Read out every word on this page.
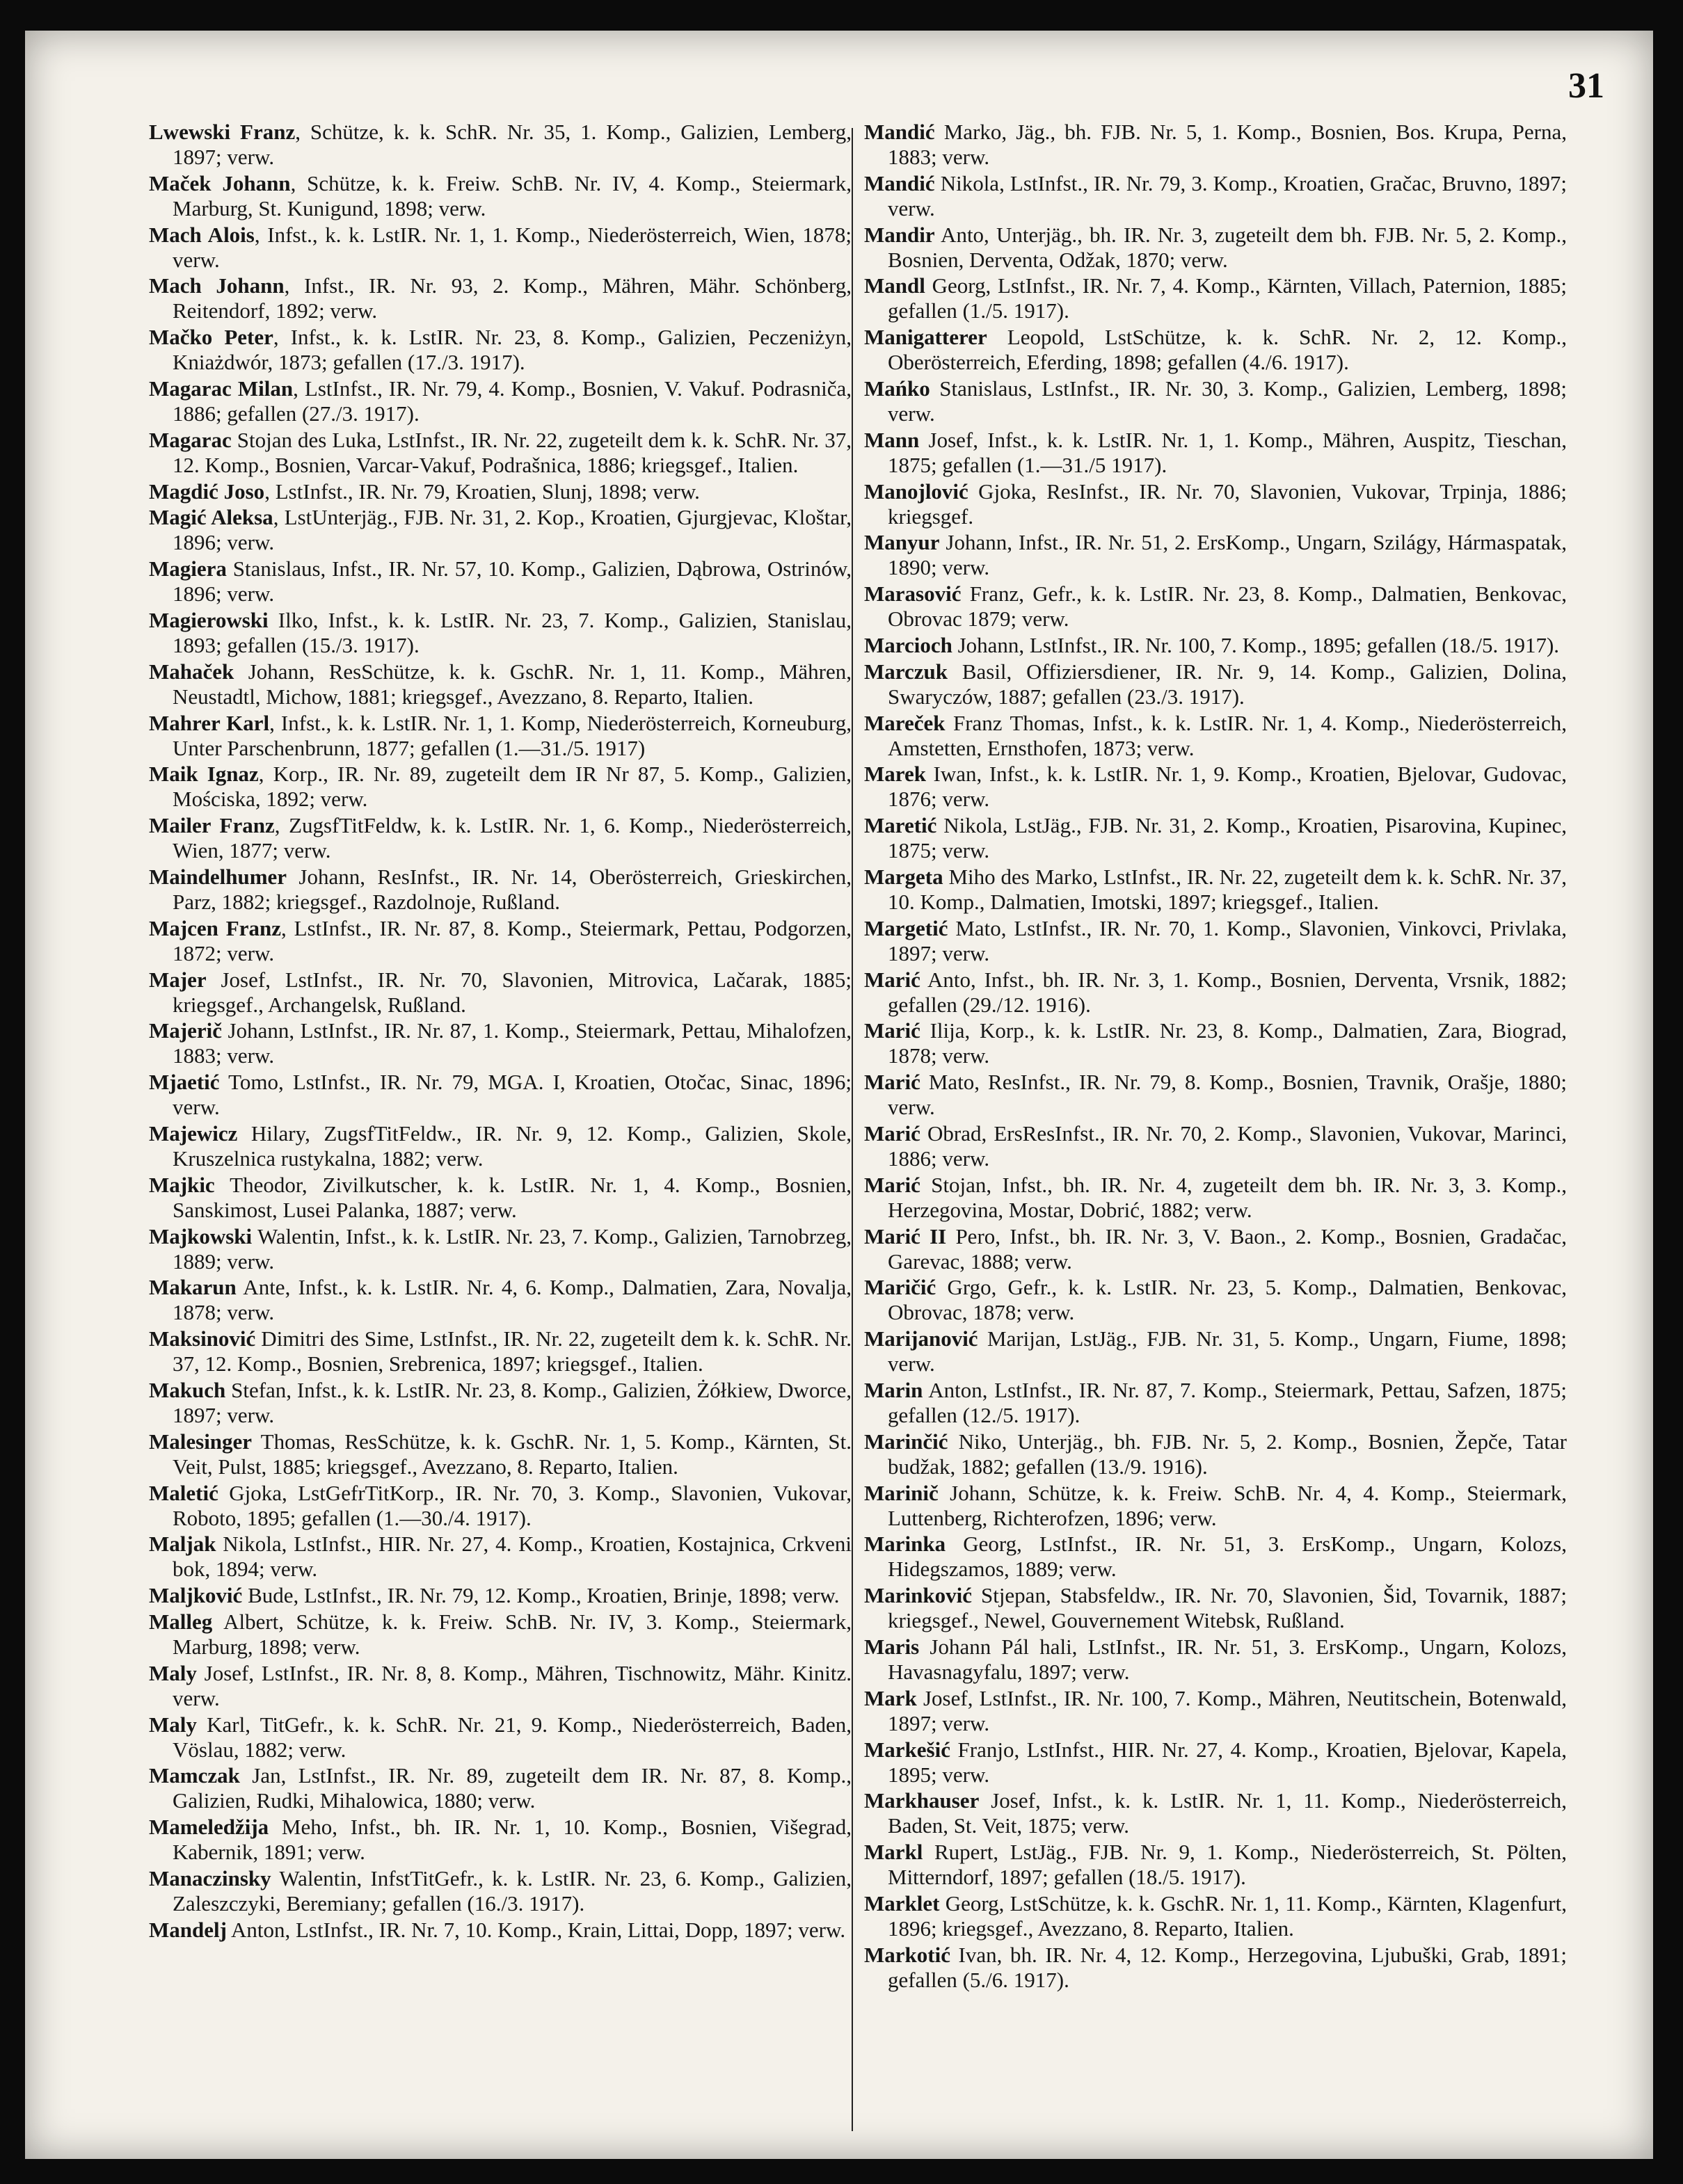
31

Lwewski Franz, Schütze, k. k. SchR. Nr. 35, 1. Komp., Galizien, Lemberg, 1897; verw.

Maček Johann, Schütze, k. k. Freiw. SchB. Nr. IV, 4. Komp., Steiermark, Marburg, St. Kunigund, 1898; verw.

Mach Alois, Infst., k. k. LstIR. Nr. 1, 1. Komp., Niederösterreich, Wien, 1878; verw.

Mach Johann, Infst., IR. Nr. 93, 2. Komp., Mähren, Mähr. Schönberg, Reitendorf, 1892; verw.

Mačko Peter, Infst., k. k. LstIR. Nr. 23, 8. Komp., Galizien, Peczeniżyn, Kniażdwór, 1873; gefallen (17./3. 1917).

Magarac Milan, LstInfst., IR. Nr. 79, 4. Komp., Bosnien, V. Vakuf. Podrasniča, 1886; gefallen (27./3. 1917).

Magarac Stojan des Luka, LstInfst., IR. Nr. 22, zugeteilt dem k. k. SchR. Nr. 37, 12. Komp., Bosnien, Varcar-Vakuf, Podrašnica, 1886; kriegsgef., Italien.

Magdić Joso, LstInfst., IR. Nr. 79, Kroatien, Slunj, 1898; verw.

Magić Aleksa, LstUnterjäg., FJB. Nr. 31, 2. Kop., Kroatien, Gjurgjevac, Kloštar, 1896; verw.

Magiera Stanislaus, Infst., IR. Nr. 57, 10. Komp., Galizien, Dąbrowa, Ostrinów, 1896; verw.

Magierowski Ilko, Infst., k. k. LstIR. Nr. 23, 7. Komp., Galizien, Stanislau, 1893; gefallen (15./3. 1917).

Mahaček Johann, ResSchütze, k. k. GschR. Nr. 1, 11. Komp., Mähren, Neustadtl, Michow, 1881; kriegsgef., Avezzano, 8. Reparto, Italien.

Mahrer Karl, Infst., k. k. LstIR. Nr. 1, 1. Komp, Niederösterreich, Korneuburg, Unter Parschenbrunn, 1877; gefallen (1.—31./5. 1917)

Maik Ignaz, Korp., IR. Nr. 89, zugeteilt dem IR Nr 87, 5. Komp., Galizien, Mościska, 1892; verw.

Mailer Franz, ZugsfTitFeldw, k. k. LstIR. Nr. 1, 6. Komp., Niederösterreich, Wien, 1877; verw.

Maindelhumer Johann, ResInfst., IR. Nr. 14, Oberösterreich, Grieskirchen, Parz, 1882; kriegsgef., Razdolnoje, Rußland.

Majcen Franz, LstInfst., IR. Nr. 87, 8. Komp., Steiermark, Pettau, Podgorzen, 1872; verw.

Majer Josef, LstInfst., IR. Nr. 70, Slavonien, Mitrovica, Lačarak, 1885; kriegsgef., Archangelsk, Rußland.

Majerič Johann, LstInfst., IR. Nr. 87, 1. Komp., Steiermark, Pettau, Mihalofzen, 1883; verw.

Mjaetić Tomo, LstInfst., IR. Nr. 79, MGA. I, Kroatien, Otočac, Sinac, 1896; verw.

Majewicz Hilary, ZugsfTitFeldw., IR. Nr. 9, 12. Komp., Galizien, Skole, Kruszelnica rustykalna, 1882; verw.

Majkic Theodor, Zivilkutscher, k. k. LstIR. Nr. 1, 4. Komp., Bosnien, Sanskimost, Lusei Palanka, 1887; verw.

Majkowski Walentin, Infst., k. k. LstIR. Nr. 23, 7. Komp., Galizien, Tarnobrzeg, 1889; verw.

Makarun Ante, Infst., k. k. LstIR. Nr. 4, 6. Komp., Dalmatien, Zara, Novalja, 1878; verw.

Maksinović Dimitri des Sime, LstInfst., IR. Nr. 22, zugeteilt dem k. k. SchR. Nr. 37, 12. Komp., Bosnien, Srebrenica, 1897; kriegsgef., Italien.

Makuch Stefan, Infst., k. k. LstIR. Nr. 23, 8. Komp., Galizien, Żółkiew, Dworce, 1897; verw.

Malesinger Thomas, ResSchütze, k. k. GschR. Nr. 1, 5. Komp., Kärnten, St. Veit, Pulst, 1885; kriegsgef., Avezzano, 8. Reparto, Italien.

Maletić Gjoka, LstGefrTitKorp., IR. Nr. 70, 3. Komp., Slavonien, Vukovar, Roboto, 1895; gefallen (1.—30./4. 1917).

Maljak Nikola, LstInfst., HIR. Nr. 27, 4. Komp., Kroatien, Kostajnica, Crkveni bok, 1894; verw.

Maljković Bude, LstInfst., IR. Nr. 79, 12. Komp., Kroatien, Brinje, 1898; verw.

Malleg Albert, Schütze, k. k. Freiw. SchB. Nr. IV, 3. Komp., Steiermark, Marburg, 1898; verw.

Maly Josef, LstInfst., IR. Nr. 8, 8. Komp., Mähren, Tischnowitz, Mähr. Kinitz. verw.

Maly Karl, TitGefr., k. k. SchR. Nr. 21, 9. Komp., Niederösterreich, Baden, Vöslau, 1882; verw.

Mamczak Jan, LstInfst., IR. Nr. 89, zugeteilt dem IR. Nr. 87, 8. Komp., Galizien, Rudki, Mihalowica, 1880; verw.

Mameledžija Meho, Infst., bh. IR. Nr. 1, 10. Komp., Bosnien, Višegrad, Kabernik, 1891; verw.

Manaczinsky Walentin, InfstTitGefr., k. k. LstIR. Nr. 23, 6. Komp., Galizien, Zaleszczyki, Beremiany; gefallen (16./3. 1917).

Mandelj Anton, LstInfst., IR. Nr. 7, 10. Komp., Krain, Littai, Dopp, 1897; verw.

Mandić Marko, Jäg., bh. FJB. Nr. 5, 1. Komp., Bosnien, Bos. Krupa, Perna, 1883; verw.

Mandić Nikola, LstInfst., IR. Nr. 79, 3. Komp., Kroatien, Gračac, Bruvno, 1897; verw.

Mandir Anto, Unterjäg., bh. IR. Nr. 3, zugeteilt dem bh. FJB. Nr. 5, 2. Komp., Bosnien, Derventa, Odžak, 1870; verw.

Mandl Georg, LstInfst., IR. Nr. 7, 4. Komp., Kärnten, Villach, Paternion, 1885; gefallen (1./5. 1917).

Manigatterer Leopold, LstSchütze, k. k. SchR. Nr. 2, 12. Komp., Oberösterreich, Eferding, 1898; gefallen (4./6. 1917).

Mańko Stanislaus, LstInfst., IR. Nr. 30, 3. Komp., Galizien, Lemberg, 1898; verw.

Mann Josef, Infst., k. k. LstIR. Nr. 1, 1. Komp., Mähren, Auspitz, Tieschan, 1875; gefallen (1.—31./5 1917).

Manojlović Gjoka, ResInfst., IR. Nr. 70, Slavonien, Vukovar, Trpinja, 1886; kriegsgef.

Manyur Johann, Infst., IR. Nr. 51, 2. ErsKomp., Ungarn, Szilágy, Hármaspatak, 1890; verw.

Marasović Franz, Gefr., k. k. LstIR. Nr. 23, 8. Komp., Dalmatien, Benkovac, Obrovac 1879; verw.

Marcioch Johann, LstInfst., IR. Nr. 100, 7. Komp., 1895; gefallen (18./5. 1917).

Marczuk Basil, Offiziersdiener, IR. Nr. 9, 14. Komp., Galizien, Dolina, Swaryczów, 1887; gefallen (23./3. 1917).

Mareček Franz Thomas, Infst., k. k. LstIR. Nr. 1, 4. Komp., Niederösterreich, Amstetten, Ernsthofen, 1873; verw.

Marek Iwan, Infst., k. k. LstIR. Nr. 1, 9. Komp., Kroatien, Bjelovar, Gudovac, 1876; verw.

Maretić Nikola, LstJäg., FJB. Nr. 31, 2. Komp., Kroatien, Pisarovina, Kupinec, 1875; verw.

Margeta Miho des Marko, LstInfst., IR. Nr. 22, zugeteilt dem k. k. SchR. Nr. 37, 10. Komp., Dalmatien, Imotski, 1897; kriegsgef., Italien.

Margetić Mato, LstInfst., IR. Nr. 70, 1. Komp., Slavonien, Vinkovci, Privlaka, 1897; verw.

Marić Anto, Infst., bh. IR. Nr. 3, 1. Komp., Bosnien, Derventa, Vrsnik, 1882; gefallen (29./12. 1916).

Marić Ilija, Korp., k. k. LstIR. Nr. 23, 8. Komp., Dalmatien, Zara, Biograd, 1878; verw.

Marić Mato, ResInfst., IR. Nr. 79, 8. Komp., Bosnien, Travnik, Orašje, 1880; verw.

Marić Obrad, ErsResInfst., IR. Nr. 70, 2. Komp., Slavonien, Vukovar, Marinci, 1886; verw.

Marić Stojan, Infst., bh. IR. Nr. 4, zugeteilt dem bh. IR. Nr. 3, 3. Komp., Herzegovina, Mostar, Dobrić, 1882; verw.

Marić II Pero, Infst., bh. IR. Nr. 3, V. Baon., 2. Komp., Bosnien, Gradačac, Garevac, 1888; verw.

Maričić Grgo, Gefr., k. k. LstIR. Nr. 23, 5. Komp., Dalmatien, Benkovac, Obrovac, 1878; verw.

Marijanović Marijan, LstJäg., FJB. Nr. 31, 5. Komp., Ungarn, Fiume, 1898; verw.

Marin Anton, LstInfst., IR. Nr. 87, 7. Komp., Steiermark, Pettau, Safzen, 1875; gefallen (12./5. 1917).

Marinčić Niko, Unterjäg., bh. FJB. Nr. 5, 2. Komp., Bosnien, Žepče, Tatar budžak, 1882; gefallen (13./9. 1916).

Marinič Johann, Schütze, k. k. Freiw. SchB. Nr. 4, 4. Komp., Steiermark, Luttenberg, Richterofzen, 1896; verw.

Marinka Georg, LstInfst., IR. Nr. 51, 3. ErsKomp., Ungarn, Kolozs, Hidegszamos, 1889; verw.

Marinković Stjepan, Stabsfeldw., IR. Nr. 70, Slavonien, Šid, Tovarnik, 1887; kriegsgef., Newel, Gouvernement Witebsk, Rußland.

Maris Johann Pál hali, LstInfst., IR. Nr. 51, 3. ErsKomp., Ungarn, Kolozs, Havasnagyfalu, 1897; verw.

Mark Josef, LstInfst., IR. Nr. 100, 7. Komp., Mähren, Neutitschein, Botenwald, 1897; verw.

Markešić Franjo, LstInfst., HIR. Nr. 27, 4. Komp., Kroatien, Bjelovar, Kapela, 1895; verw.

Markhauser Josef, Infst., k. k. LstIR. Nr. 1, 11. Komp., Niederösterreich, Baden, St. Veit, 1875; verw.

Markl Rupert, LstJäg., FJB. Nr. 9, 1. Komp., Niederösterreich, St. Pölten, Mitterndorf, 1897; gefallen (18./5. 1917).

Marklet Georg, LstSchütze, k. k. GschR. Nr. 1, 11. Komp., Kärnten, Klagenfurt, 1896; kriegsgef., Avezzano, 8. Reparto, Italien.

Markotić Ivan, bh. IR. Nr. 4, 12. Komp., Herzegovina, Ljubuški, Grab, 1891; gefallen (5./6. 1917).
